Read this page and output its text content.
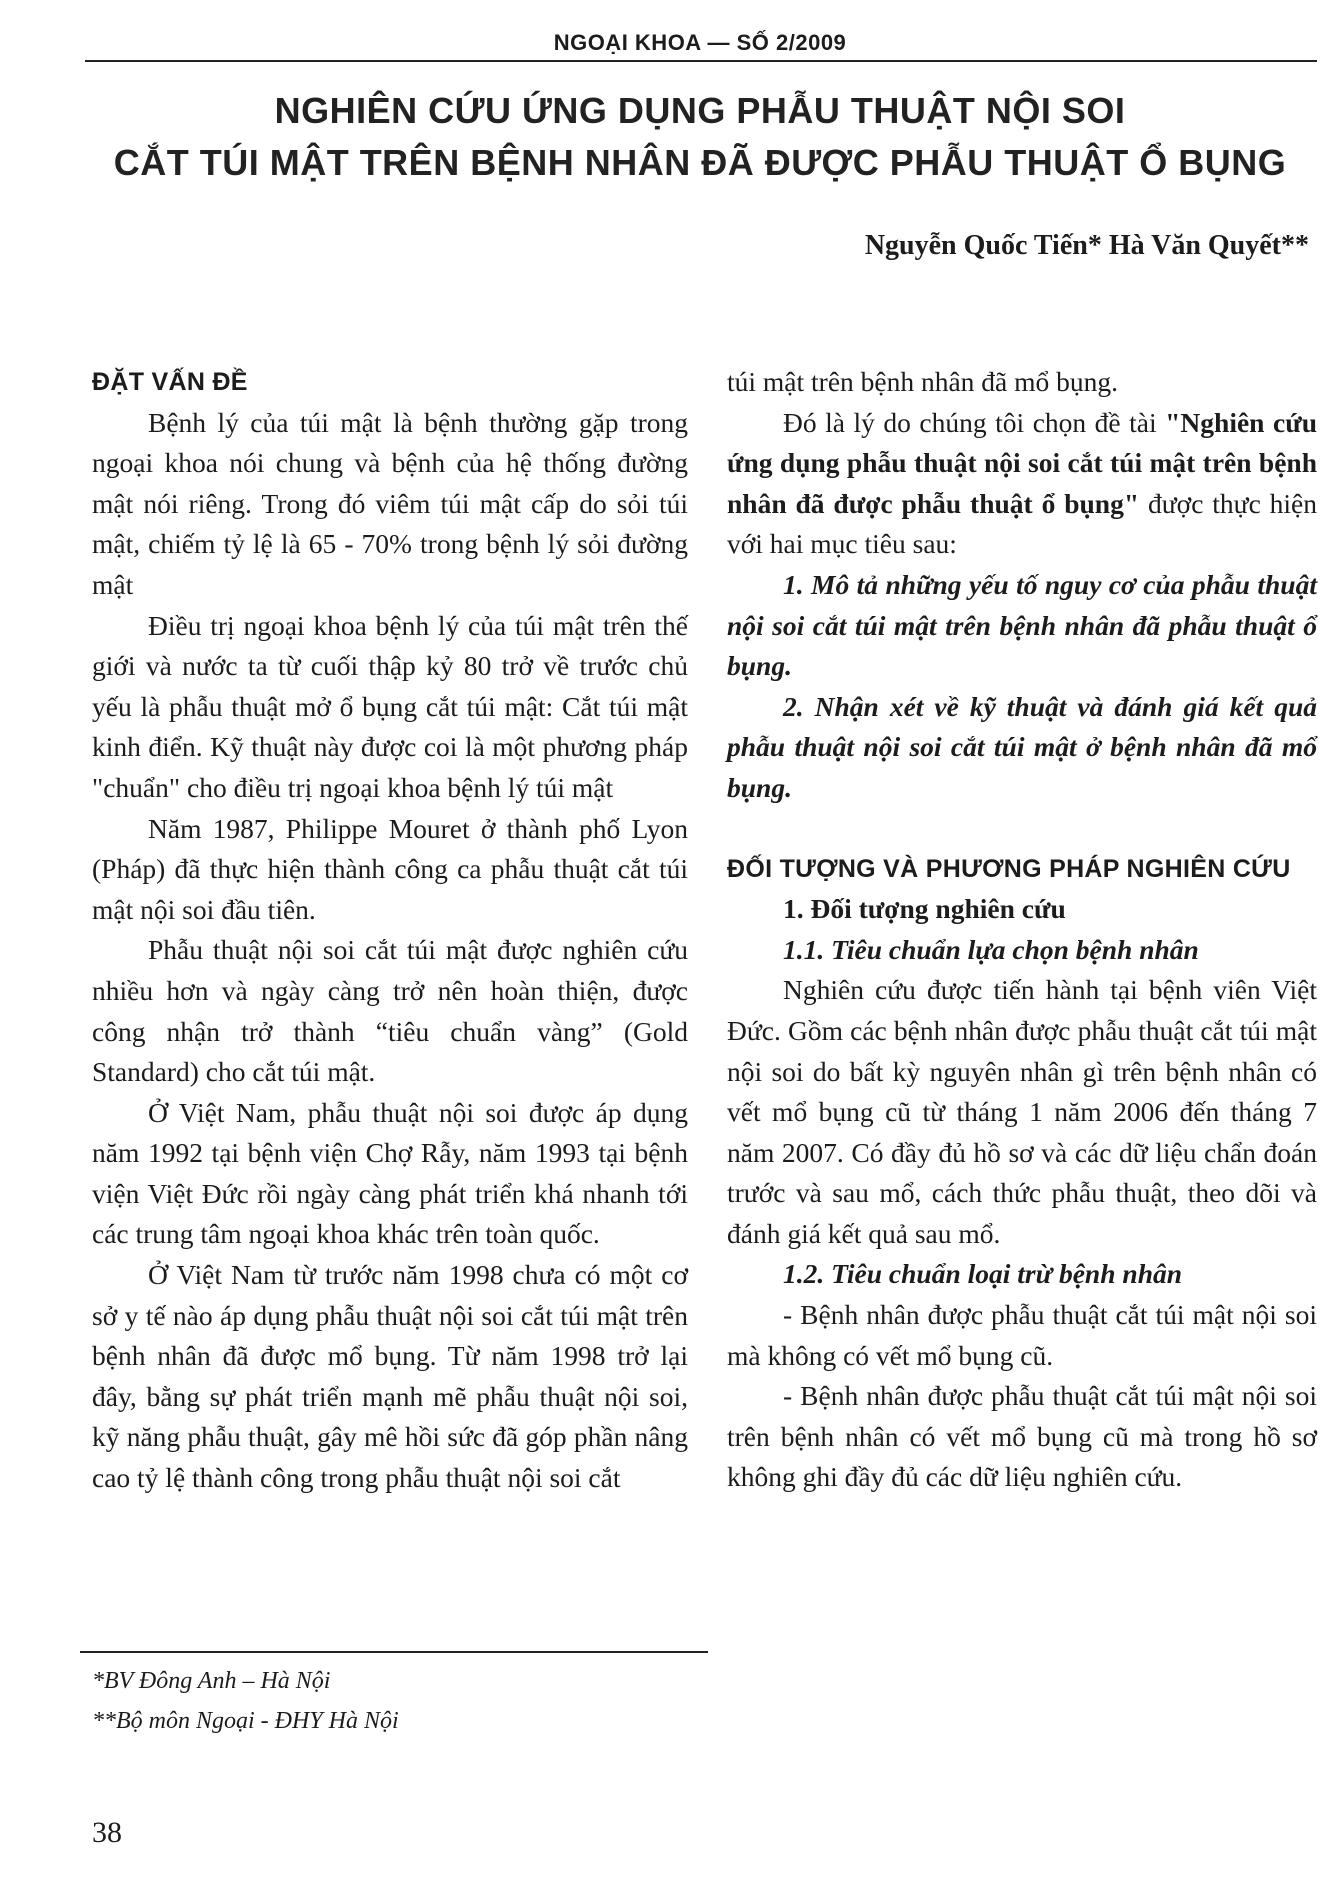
NGOẠI KHOA — SỐ 2/2009
NGHIÊN CỨU ỨNG DỤNG PHẪU THUẬT NỘI SOI
CẮT TÚI MẬT TRÊN BỆNH NHÂN ĐÃ ĐƯỢC PHẪU THUẬT Ổ BỤNG
Nguyễn Quốc Tiến* Hà Văn Quyết**

ĐẶT VẤN ĐỀ

Bệnh lý của túi mật là bệnh thường gặp trong ngoại khoa nói chung và bệnh của hệ thống đường mật nói riêng. Trong đó viêm túi mật cấp do sỏi túi mật, chiếm tỷ lệ là 65 - 70% trong bệnh lý sỏi đường mật

Điều trị ngoại khoa bệnh lý của túi mật trên thế giới và nước ta từ cuối thập kỷ 80 trở về trước chủ yếu là phẫu thuật mở ổ bụng cắt túi mật: Cắt túi mật kinh điển. Kỹ thuật này được coi là một phương pháp "chuẩn" cho điều trị ngoại khoa bệnh lý túi mật

Năm 1987, Philippe Mouret ở thành phố Lyon (Pháp) đã thực hiện thành công ca phẫu thuật cắt túi mật nội soi đầu tiên.

Phẫu thuật nội soi cắt túi mật được nghiên cứu nhiều hơn và ngày càng trở nên hoàn thiện, được công nhận trở thành “tiêu chuẩn vàng” (Gold Standard) cho cắt túi mật.

Ở Việt Nam, phẫu thuật nội soi được áp dụng năm 1992 tại bệnh viện Chợ Rẫy, năm 1993 tại bệnh viện Việt Đức rồi ngày càng phát triển khá nhanh tới các trung tâm ngoại khoa khác trên toàn quốc.

Ở Việt Nam từ trước năm 1998 chưa có một cơ sở y tế nào áp dụng phẫu thuật nội soi cắt túi mật trên bệnh nhân đã được mổ bụng. Từ năm 1998 trở lại đây, bằng sự phát triển mạnh mẽ phẫu thuật nội soi, kỹ năng phẫu thuật, gây mê hồi sức đã góp phần nâng cao tỷ lệ thành công trong phẫu thuật nội soi cắt

túi mật trên bệnh nhân đã mổ bụng.

Đó là lý do chúng tôi chọn đề tài "Nghiên cứu ứng dụng phẫu thuật nội soi cắt túi mật trên bệnh nhân đã được phẫu thuật ổ bụng" được thực hiện với hai mục tiêu sau:

1. Mô tả những yếu tố nguy cơ của phẫu thuật nội soi cắt túi mật trên bệnh nhân đã phẫu thuật ổ bụng.

2. Nhận xét về kỹ thuật và đánh giá kết quả phẫu thuật nội soi cắt túi mật ở bệnh nhân đã mổ bụng.

ĐỐI TƯỢNG VÀ PHƯƠNG PHÁP NGHIÊN CỨU

1. Đối tượng nghiên cứu

1.1. Tiêu chuẩn lựa chọn bệnh nhân

Nghiên cứu được tiến hành tại bệnh viên Việt Đức. Gồm các bệnh nhân được phẫu thuật cắt túi mật nội soi do bất kỳ nguyên nhân gì trên bệnh nhân có vết mổ bụng cũ từ tháng 1 năm 2006 đến tháng 7 năm 2007. Có đầy đủ hồ sơ và các dữ liệu chẩn đoán trước và sau mổ, cách thức phẫu thuật, theo dõi và đánh giá kết quả sau mổ.

1.2. Tiêu chuẩn loại trừ bệnh nhân

- Bệnh nhân được phẫu thuật cắt túi mật nội soi mà không có vết mổ bụng cũ.

- Bệnh nhân được phẫu thuật cắt túi mật nội soi trên bệnh nhân có vết mổ bụng cũ mà trong hồ sơ không ghi đầy đủ các dữ liệu nghiên cứu.

*BV Đông Anh – Hà Nội
**Bộ môn Ngoại - ĐHY Hà Nội
38
